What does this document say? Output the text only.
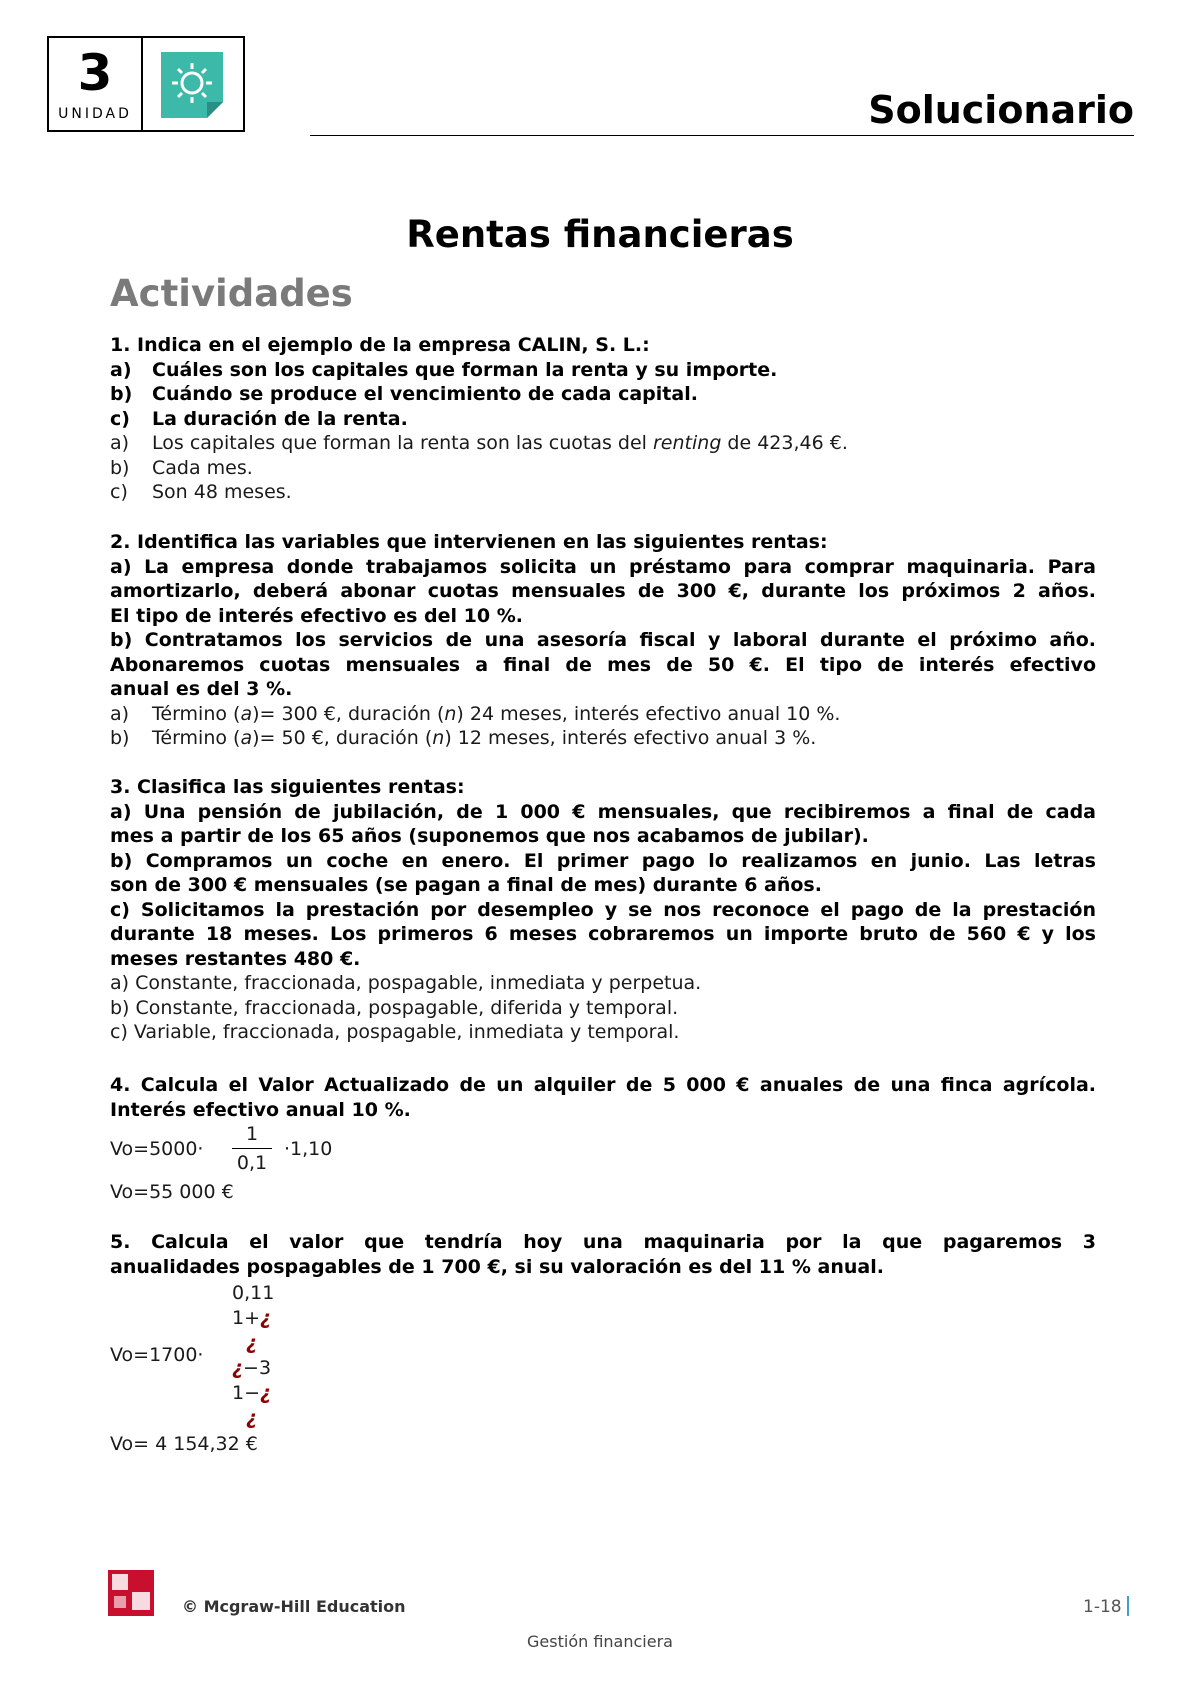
3
UNIDAD	Solucionario
Rentas financieras
Actividades
1. Indica en el ejemplo de la empresa CALIN, S. L.:
a) Cuáles son los capitales que forman la renta y su importe.
b) Cuándo se produce el vencimiento de cada capital.
c) La duración de la renta.
a) Los capitales que forman la renta son las cuotas del renting de 423,46 €.
b) Cada mes.
c) Son 48 meses.
2. Identifica las variables que intervienen en las siguientes rentas:
a) La empresa donde trabajamos solicita un préstamo para comprar maquinaria. Para
amortizarlo, deberá abonar cuotas mensuales de 300 €, durante los próximos 2 años.
El tipo de interés efectivo es del 10 %.
b) Contratamos los servicios de una asesoría fiscal y laboral durante el próximo año.
Abonaremos cuotas mensuales a final de mes de 50 €. El tipo de interés efectivo
anual es del 3 %.
a) Término (a)= 300 €, duración (n) 24 meses, interés efectivo anual 10 %.
b) Término (a)= 50 €, duración (n) 12 meses, interés efectivo anual 3 %.
3. Clasifica las siguientes rentas:
a) Una pensión de jubilación, de 1 000 € mensuales, que recibiremos a final de cada
mes a partir de los 65 años (suponemos que nos acabamos de jubilar).
b) Compramos un coche en enero. El primer pago lo realizamos en junio. Las letras
son de 300 € mensuales (se pagan a final de mes) durante 6 años.
c) Solicitamos la prestación por desempleo y se nos reconoce el pago de la prestación
durante 18 meses. Los primeros 6 meses cobraremos un importe bruto de 560 € y los
meses restantes 480 €.
a) Constante, fraccionada, pospagable, inmediata y perpetua.
b) Constante, fraccionada, pospagable, diferida y temporal.
c) Variable, fraccionada, pospagable, inmediata y temporal.
4. Calcula el Valor Actualizado de un alquiler de 5 000 € anuales de una finca agrícola.
Interés efectivo anual 10 %.
Vo=5000·
1
0,1
·1,10
Vo=55 000 €
5. Calcula el valor que tendría hoy una maquinaria por la que pagaremos 3
anualidades pospagables de 1 700 €, si su valoración es del 11 % anual.
0,11
1+¿
¿
¿−3
1−¿
¿
Vo=1700·
Vo= 4 154,32 €
© Mcgraw-Hill Education	1-18
Gestión financiera
